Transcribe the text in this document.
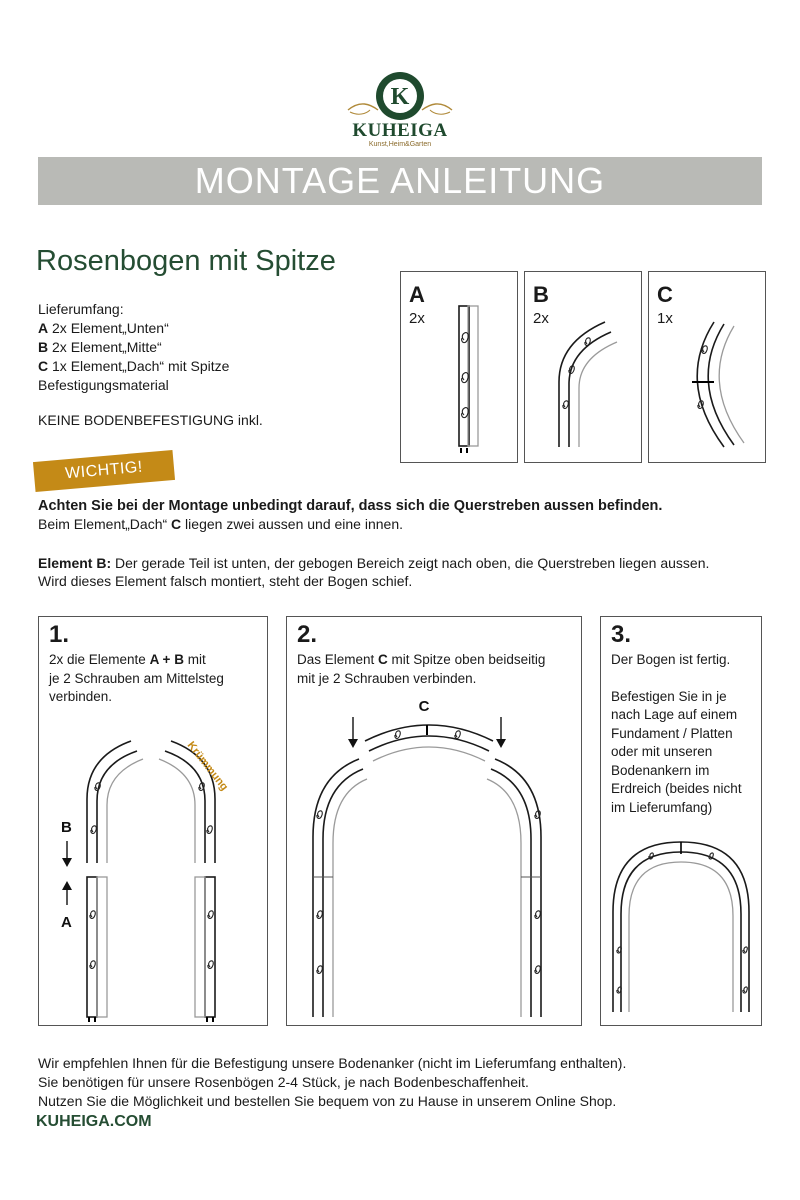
K
KUHEIGA
Kunst,Heim&Garten
MONTAGE ANLEITUNG
Rosenbogen mit Spitze
Lieferumfang:
A 2x Element„Unten“
B 2x Element„Mitte“
C 1x Element„Dach“ mit Spitze
Befestigungsmaterial
KEINE BODENBEFESTIGUNG inkl.
A
2x
B
2x
C
1x
WICHTIG!
Achten Sie bei der Montage unbedingt darauf, dass sich die Querstreben aussen befinden.
Beim Element„Dach“ C liegen zwei aussen und eine innen.
Element B: Der gerade Teil ist unten, der gebogen Bereich zeigt nach oben, die Querstreben liegen aussen.
Wird dieses Element falsch montiert, steht der Bogen schief.
1.
2x die Elemente A + B mit
je 2 Schrauben am Mittelsteg
verbinden.
B
A
Krümmung
2.
Das Element C mit Spitze oben beidseitig
mit je 2 Schrauben verbinden.
C
3.
Der Bogen ist fertig.
Befestigen Sie in je
nach Lage auf einem
Fundament / Platten
oder mit unseren
Bodenankern im
Erdreich (beides nicht
im Lieferumfang)
Wir empfehlen Ihnen für die Befestigung unsere Bodenanker (nicht im Lieferumfang enthalten).
Sie benötigen für unsere Rosenbögen 2-4 Stück, je nach Bodenbeschaffenheit.
Nutzen Sie die Möglichkeit und bestellen Sie bequem von zu Hause in unserem Online Shop.
KUHEIGA.COM
